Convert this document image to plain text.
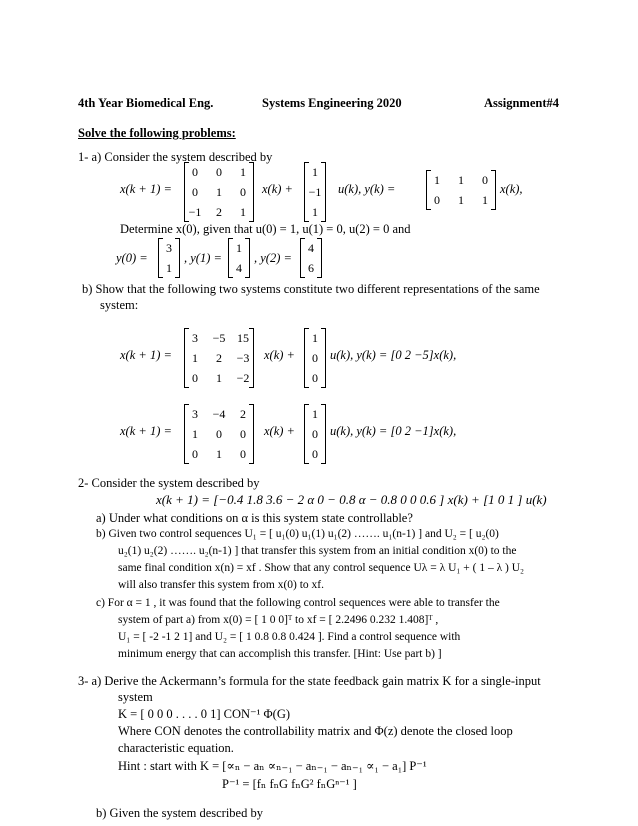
4th Year Biomedical Eng.	Systems Engineering 2020	Assignment#4
Solve the following problems:
1- a) Consider the system described by
x(k + 1) =
0	0	1
0	1	0
−1	2	1
x(k) +
1
−1
1
u(k), y(k) =
1	1	0
0	1	1
x(k),
Determine x(0), given that u(0) = 1, u(1) = 0, u(2) = 0 and
y(0) =
3
1
, y(1) =
1
4
, y(2) =
4
6
b) Show that the following two systems constitute two different representations of the same
system:
x(k + 1) =
3	−5 15
1	2	−3
0	1	−2
x(k) +
1
0
0
u(k), y(k) = [0 2 −5]x(k),
x(k + 1) =
3	−4	2
1	0	0
0	1	0
x(k) +
1
0
0
u(k), y(k) = [0 2 −1]x(k),
2- Consider the system described by
x(k + 1) = [−0.4 1.8 3.6 − 2 α 0 − 0.8 α − 0.8 0 0 0.6 ] x(k) + [1 0 1 ] u(k)
a) Under what conditions on α is this system state controllable?
b) Given two control sequences U₁ = [ u₁(0) u₁(1) u₁(2) ……. u₁(n-1) ] and U₂ = [ u₂(0)
u₂(1) u₂(2) ……. u₂(n-1) ] that transfer this system from an initial condition x(0) to the
same final condition x(n) = xf . Show that any control sequence Uλ = λ U₁ + ( 1 – λ ) U₂
will also transfer this system from x(0) to xf.
c) For α = 1 , it was found that the following control sequences were able to transfer the
system of part a) from x(0) = [ 1 0 0]ᵀ to xf = [ 2.2496 0.232 1.408]ᵀ ,
U₁ = [ -2 -1 2 1] and U₂ = [ 1 0.8 0.8 0.424 ]. Find a control sequence with
minimum energy that can accomplish this transfer. [Hint: Use part b) ]
3- a) Derive the Ackermann’s formula for the state feedback gain matrix K for a single-input
system
K = [ 0 0 0 . . . . 0 1] CON⁻¹ Φ(G)
Where CON denotes the controllability matrix and Φ(z) denote the closed loop
characteristic equation.
Hint : start with K = [∝ₙ − aₙ ∝ₙ₋₁ − aₙ₋₁ − aₙ₋₁ ∝₁ − a₁] P⁻¹
P⁻¹ = [fₙ fₙG fₙG² fₙGⁿ⁻¹ ]
b) Given the system described by
